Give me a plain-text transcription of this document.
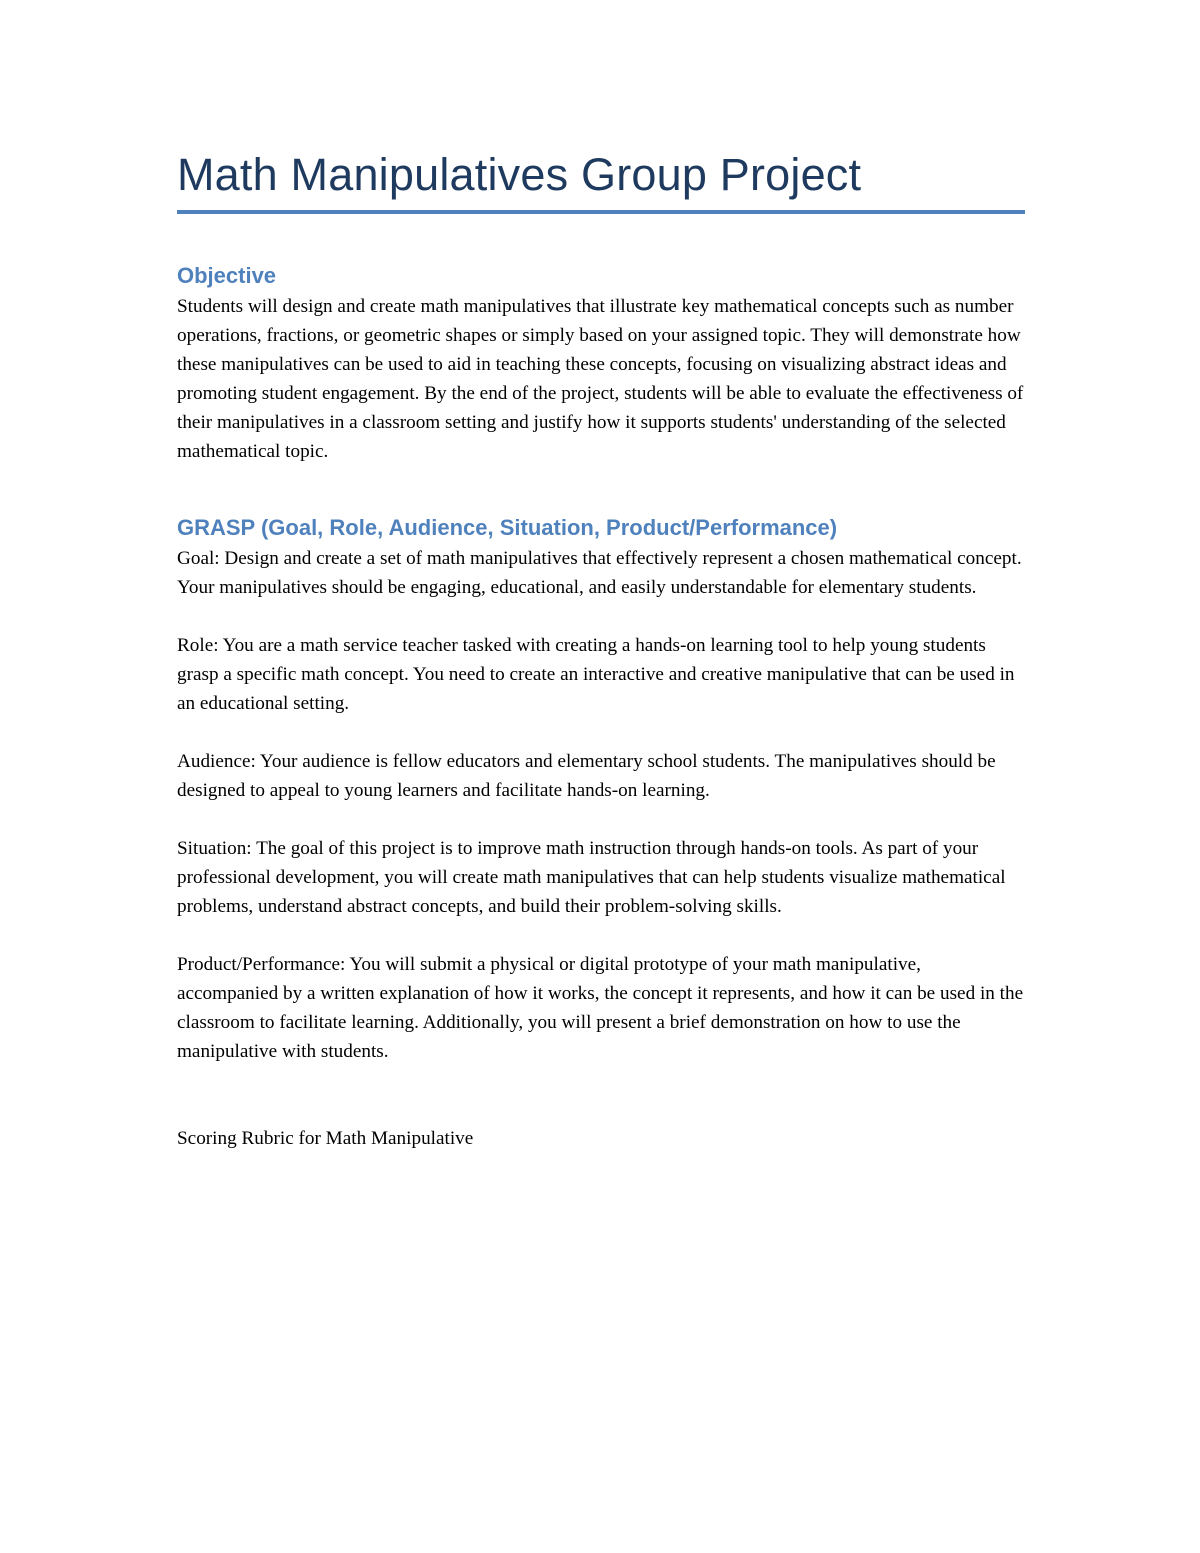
Math Manipulatives Group Project
Objective

Students will design and create math manipulatives that illustrate key mathematical concepts such as number operations, fractions, or geometric shapes or simply based on your assigned topic. They will demonstrate how these manipulatives can be used to aid in teaching these concepts, focusing on visualizing abstract ideas and promoting student engagement. By the end of the project, students will be able to evaluate the effectiveness of their manipulatives in a classroom setting and justify how it supports students' understanding of the selected mathematical topic.

GRASP (Goal, Role, Audience, Situation, Product/Performance)

Goal: Design and create a set of math manipulatives that effectively represent a chosen mathematical concept. Your manipulatives should be engaging, educational, and easily understandable for elementary students.

Role: You are a math service teacher tasked with creating a hands-on learning tool to help young students grasp a specific math concept. You need to create an interactive and creative manipulative that can be used in an educational setting.

Audience: Your audience is fellow educators and elementary school students. The manipulatives should be designed to appeal to young learners and facilitate hands-on learning.

Situation: The goal of this project is to improve math instruction through hands-on tools. As part of your professional development, you will create math manipulatives that can help students visualize mathematical problems, understand abstract concepts, and build their problem-solving skills.

Product/Performance: You will submit a physical or digital prototype of your math manipulative, accompanied by a written explanation of how it works, the concept it represents, and how it can be used in the classroom to facilitate learning. Additionally, you will present a brief demonstration on how to use the manipulative with students.

Scoring Rubric for Math Manipulative
